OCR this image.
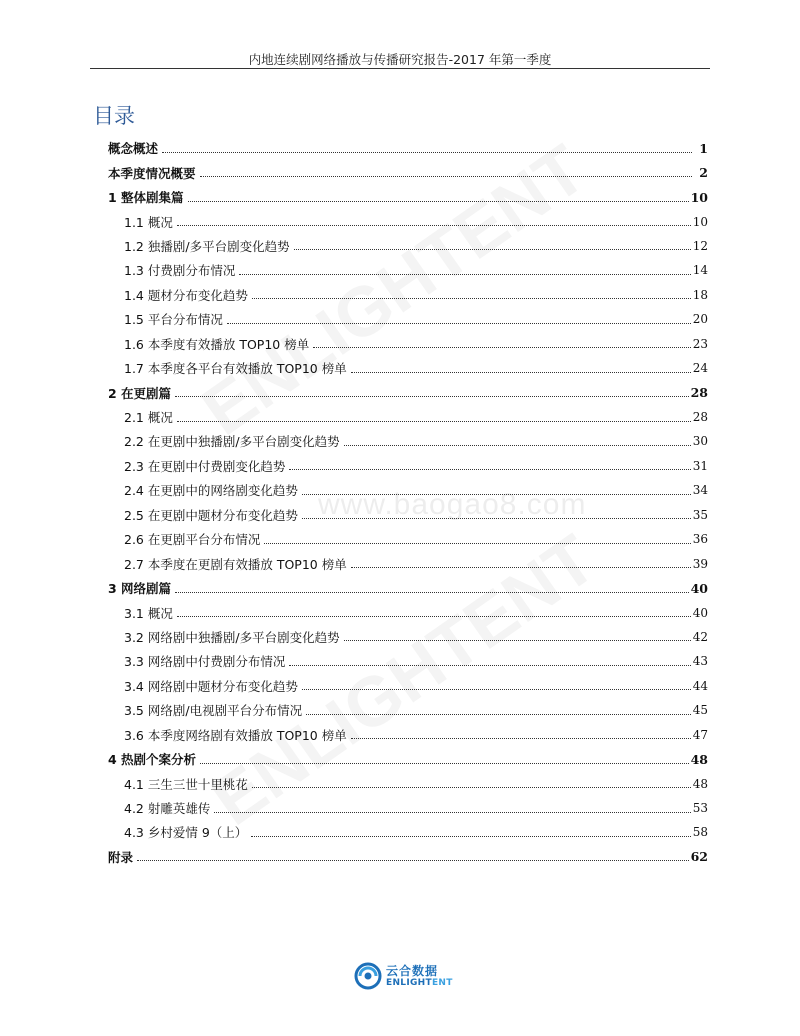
内地连续剧网络播放与传播研究报告-2017 年第一季度
目录
www.baogao8.com
概念概述	1
本季度情况概要	2
1 整体剧集篇	10
1.1 概况	10
1.2 独播剧/多平台剧变化趋势	12
1.3 付费剧分布情况	14
1.4 题材分布变化趋势	18
1.5 平台分布情况	20
1.6 本季度有效播放 TOP10 榜单	23
1.7 本季度各平台有效播放 TOP10 榜单	24
2 在更剧篇	28
2.1 概况	28
2.2 在更剧中独播剧/多平台剧变化趋势	30
2.3 在更剧中付费剧变化趋势	31
2.4 在更剧中的网络剧变化趋势	34
2.5 在更剧中题材分布变化趋势	35
2.6 在更剧平台分布情况	36
2.7 本季度在更剧有效播放 TOP10 榜单	39
3 网络剧篇	40
3.1 概况	40
3.2 网络剧中独播剧/多平台剧变化趋势	42
3.3 网络剧中付费剧分布情况	43
3.4 网络剧中题材分布变化趋势	44
3.5 网络剧/电视剧平台分布情况	45
3.6 本季度网络剧有效播放 TOP10 榜单	47
4 热剧个案分析	48
4.1 三生三世十里桃花	48
4.2 射雕英雄传	53
4.3 乡村爱情 9（上）	58
附录	62
云合数据
ENLIGHTENT
